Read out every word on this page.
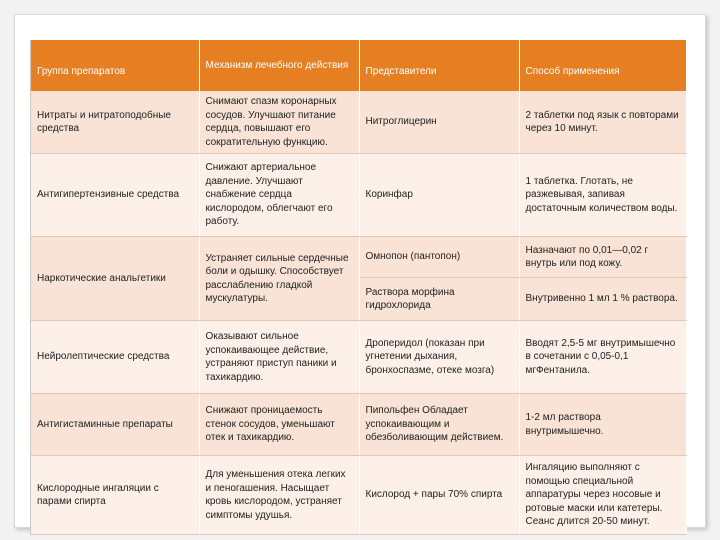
Группа препаратов	Механизм лечебного действия	Представители	Способ применения
Нитраты и нитратоподобные средства	Снимают спазм коронарных сосудов. Улучшают питание сердца, повышают его сократительную функцию.	Нитроглицерин	2 таблетки под язык с повторами через 10 минут.
Антигипертензивные средства	Снижают артериальное давление. Улучшают снабжение сердца кислородом, облегчают его работу.	Коринфар	1 таблетка. Глотать, не разжевывая, запивая достаточным количеством воды.
Наркотические анальгетики	Устраняет сильные сердечные боли и одышку. Способствует расслаблению гладкой мускулатуры.	Омнопон (пантопон)	Назначают по 0,01—0,02 г внутрь или под кожу.
		Раствора морфина гидрохлорида	Внутривенно 1 мл 1 % раствора.
Нейролептические средства	Оказывают сильное успокаивающее действие, устраняют приступ паники и тахикардию.	Дроперидол (показан при угнетении дыхания, бронхоспазме, отеке мозга)	Вводят 2,5-5 мг внутримышечно в сочетании с 0,05-0,1 мгФентанила.
Антигистаминные препараты	Снижают проницаемость стенок сосудов, уменьшают отек и тахикардию.	Пипольфен Обладает успокаивающим и обезболивающим действием.	1-2 мл раствора внутримышечно.
Кислородные ингаляции с парами спирта	Для уменьшения отека легких и пеногашения. Насыщает кровь кислородом, устраняет симптомы удушья.	Кислород + пары 70% спирта	Ингаляцию выполняют с помощью специальной аппаратуры через носовые и ротовые маски или катетеры. Сеанс длится 20-50 минут.
